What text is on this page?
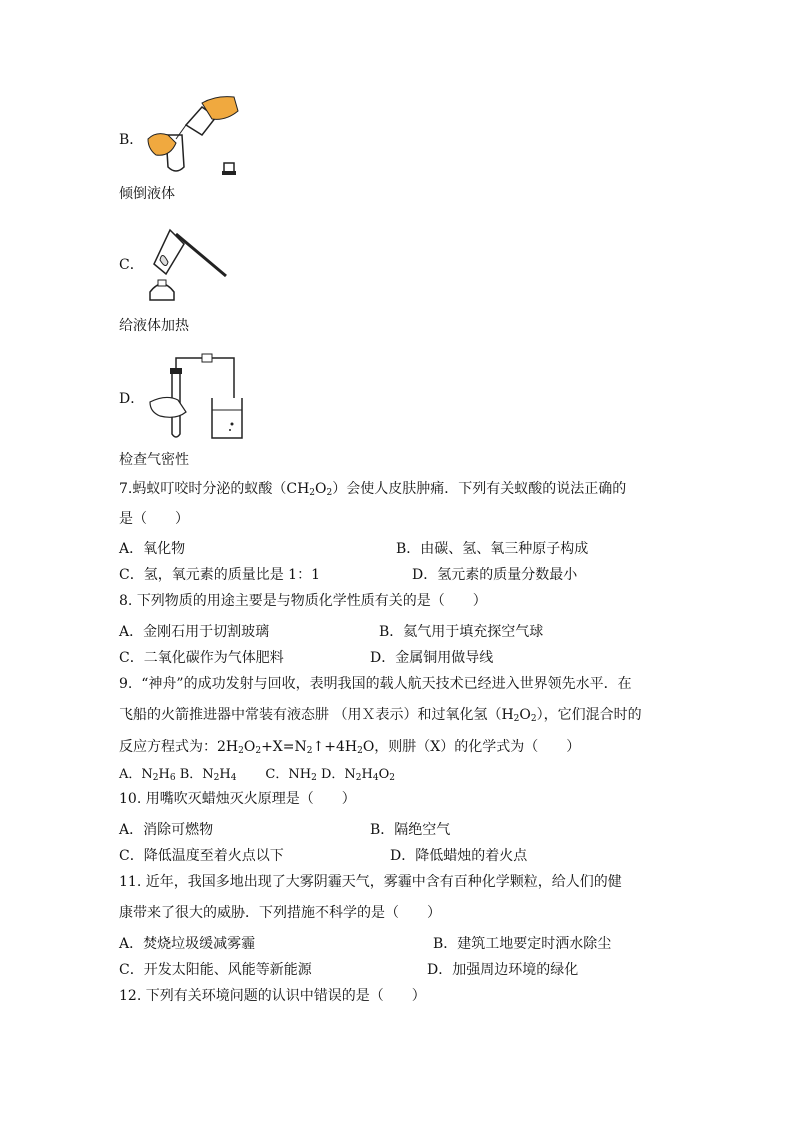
B．
倾倒液体
C．
给液体加热
D．
检查气密性
7.蚂蚁叮咬时分泌的蚁酸$(CH_2O_2)$会使人皮肤肿痛．下列有关蚁酸的说法正确的
是（　　）
A．氧化物	B．由碳、氢、氧三种原子构成
C．氢，氧元素的质量比是 1：1	D．氢元素的质量分数最小
8. 下列物质的用途主要是与物质化学性质有关的是（　　）
A．金刚石用于切割玻璃	B．氦气用于填充探空气球
C．二氧化碳作为气体肥料	D．金属铜用做导线
9. “神舟”的成功发射与回收，表明我国的载人航天技术已经进入世界领先水平．在
飞船的火箭推进器中常装有液态肼 （用Ｘ表示）和过氧化氢$(H_2O_2)$，它们混合时的
反应方程式为：$2H_2O_2+X=N_2↑+4H_2O$，则肼（X）的化学式为（　　）
A．$N_2H_6$ B．$N_2H_4$ C．$NH_2$ D．$N_2H_4O_2$
10. 用嘴吹灭蜡烛灭火原理是（　　）
A．消除可燃物	B．隔绝空气
C．降低温度至着火点以下	D．降低蜡烛的着火点
11. 近年，我国多地出现了大雾阴霾天气，雾霾中含有百种化学颗粒，给人们的健
康带来了很大的威胁．下列措施不科学的是（　　）
A．焚烧垃圾缓减雾霾	B．建筑工地要定时洒水除尘
C．开发太阳能、风能等新能源	D．加强周边环境的绿化
12. 下列有关环境问题的认识中错误的是（　　）
